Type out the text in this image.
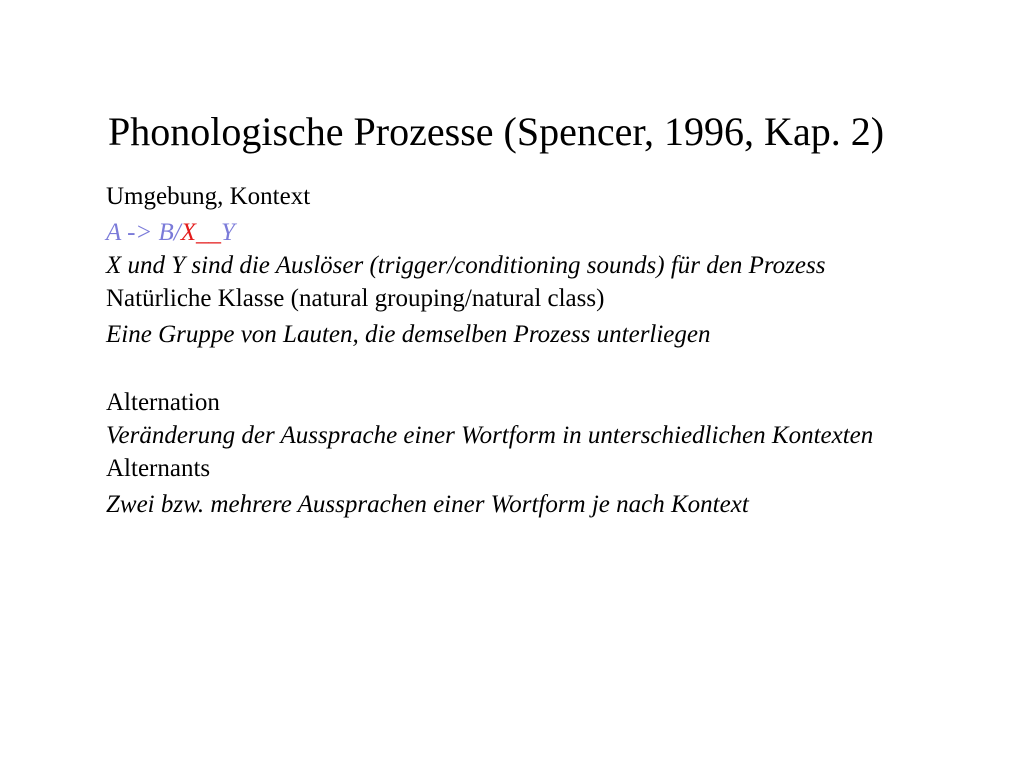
Phonologische Prozesse (Spencer, 1996, Kap. 2)

Umgebung, Kontext

A -> B/X__Y

X und Y sind die Auslöser (trigger/conditioning sounds) für den Prozess

Natürliche Klasse (natural grouping/natural class)

Eine Gruppe von Lauten, die demselben Prozess unterliegen

Alternation

Veränderung der Aussprache einer Wortform in unterschiedlichen Kontexten

Alternants

Zwei bzw. mehrere Aussprachen einer Wortform je nach Kontext
